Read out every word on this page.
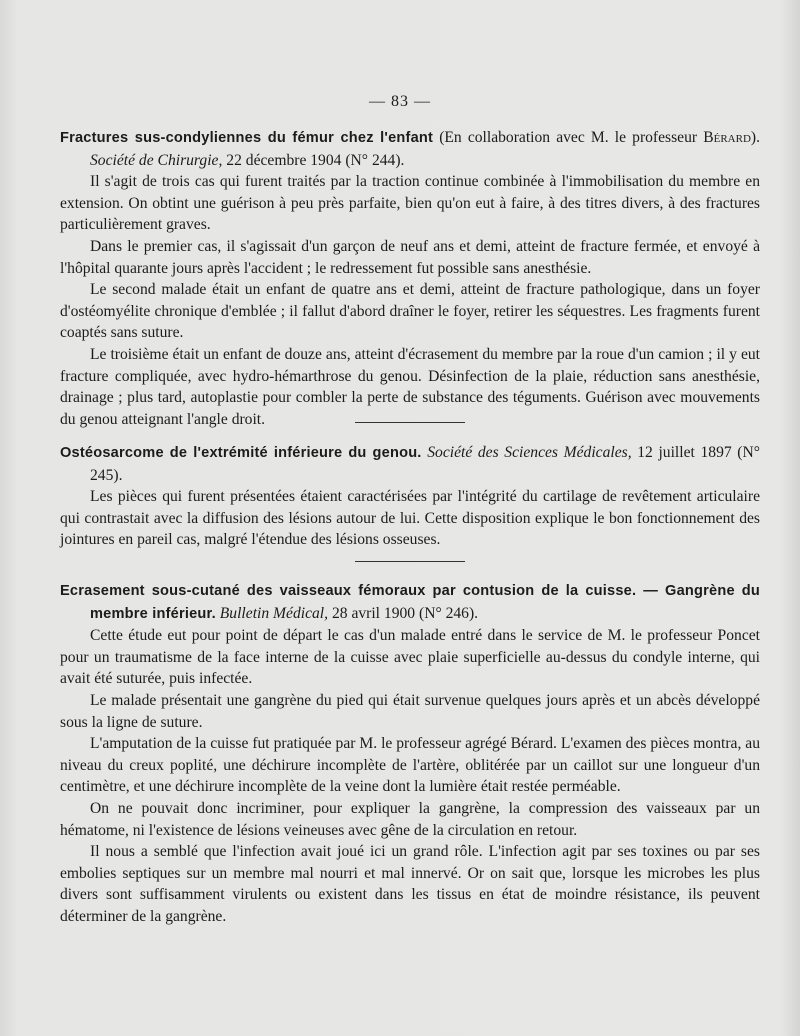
— 83 —

Fractures sus-condyliennes du fémur chez l'enfant (En collaboration avec M. le professeur Bérard). Société de Chirurgie, 22 décembre 1904 (N° 244).

Il s'agit de trois cas qui furent traités par la traction continue combinée à l'immobilisation du membre en extension. On obtint une guérison à peu près parfaite, bien qu'on eut à faire, à des titres divers, à des fractures particulièrement graves.

Dans le premier cas, il s'agissait d'un garçon de neuf ans et demi, atteint de fracture fermée, et envoyé à l'hôpital quarante jours après l'accident ; le redressement fut possible sans anesthésie.

Le second malade était un enfant de quatre ans et demi, atteint de fracture pathologique, dans un foyer d'ostéomyélite chronique d'emblée ; il fallut d'abord draîner le foyer, retirer les séquestres. Les fragments furent coaptés sans suture.

Le troisième était un enfant de douze ans, atteint d'écrasement du membre par la roue d'un camion ; il y eut fracture compliquée, avec hydro-hémarthrose du genou. Désinfection de la plaie, réduction sans anesthésie, drainage ; plus tard, autoplastie pour combler la perte de substance des téguments. Guérison avec mouvements du genou atteignant l'angle droit.

Ostéosarcome de l'extrémité inférieure du genou. Société des Sciences Médicales, 12 juillet 1897 (N° 245).

Les pièces qui furent présentées étaient caractérisées par l'intégrité du cartilage de revêtement articulaire qui contrastait avec la diffusion des lésions autour de lui. Cette disposition explique le bon fonctionnement des jointures en pareil cas, malgré l'étendue des lésions osseuses.

Ecrasement sous-cutané des vaisseaux fémoraux par contusion de la cuisse. — Gangrène du membre inférieur. Bulletin Médical, 28 avril 1900 (N° 246).

Cette étude eut pour point de départ le cas d'un malade entré dans le service de M. le professeur Poncet pour un traumatisme de la face interne de la cuisse avec plaie superficielle au-dessus du condyle interne, qui avait été suturée, puis infectée.

Le malade présentait une gangrène du pied qui était survenue quelques jours après et un abcès développé sous la ligne de suture.

L'amputation de la cuisse fut pratiquée par M. le professeur agrégé Bérard. L'examen des pièces montra, au niveau du creux poplité, une déchirure incomplète de l'artère, oblitérée par un caillot sur une longueur d'un centimètre, et une déchirure incomplète de la veine dont la lumière était restée perméable.

On ne pouvait donc incriminer, pour expliquer la gangrène, la compression des vaisseaux par un hématome, ni l'existence de lésions veineuses avec gêne de la circulation en retour.

Il nous a semblé que l'infection avait joué ici un grand rôle. L'infection agit par ses toxines ou par ses embolies septiques sur un membre mal nourri et mal innervé. Or on sait que, lorsque les microbes les plus divers sont suffisamment virulents ou existent dans les tissus en état de moindre résistance, ils peuvent déterminer de la gangrène.
